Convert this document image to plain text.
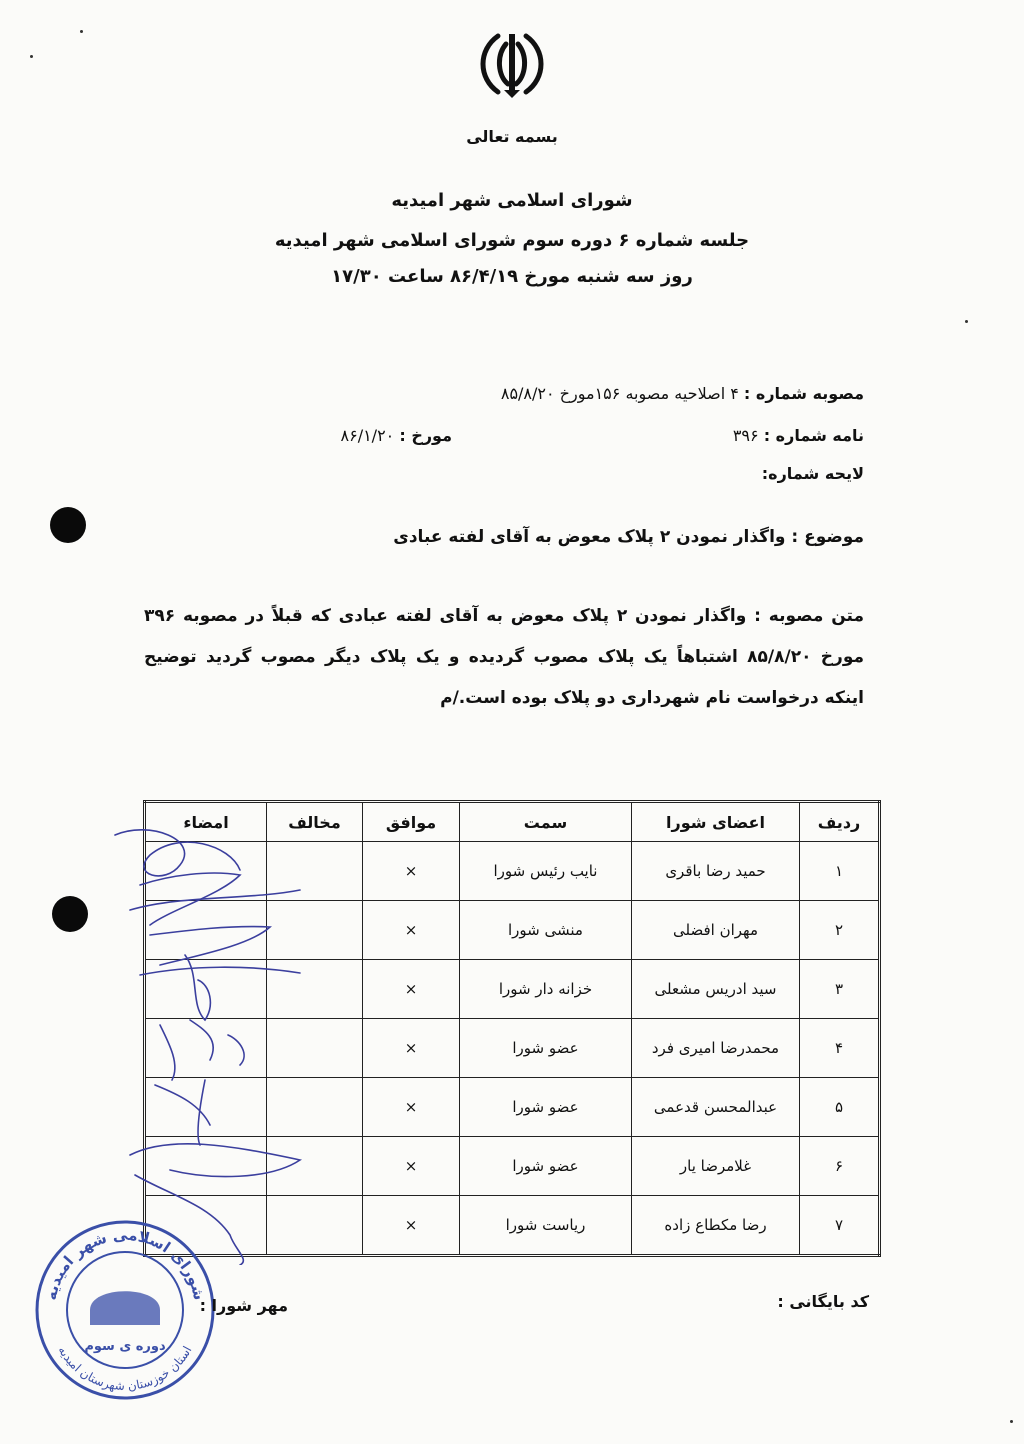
بسمه تعالی
شورای اسلامی شهر امیدیه
جلسه شماره ۶ دوره سوم شورای اسلامی شهر امیدیه
روز سه شنبه مورخ ۸۶/۴/۱۹ ساعت ۱۷/۳۰
مصوبه شماره : ۴ اصلاحیه مصوبه ۱۵۶مورخ ۸۵/۸/۲۰
نامه شماره : ۳۹۶
مورخ : ۸۶/۱/۲۰
لایحه شماره:
موضوع : واگذار نمودن ۲ پلاک معوض به آقای لفته عبادی
متن مصوبه : واگذار نمودن ۲ پلاک معوض به آقای لفته عبادی که قبلاً در مصوبه ۳۹۶ مورخ ۸۵/۸/۲۰ اشتباهاً یک پلاک مصوب گردیده و یک پلاک دیگر مصوب گردید توضیح اینکه درخواست نام شهرداری دو پلاک بوده است./م
ردیف	اعضای شورا	سمت	موافق	مخالف	امضاء
۱	حمید رضا باقری	نایب رئیس شورا	×		
۲	مهران افضلی	منشی شورا	×		
۳	سید ادریس مشعلی	خزانه دار شورا	×		
۴	محمدرضا امیری فرد	عضو شورا	×		
۵	عبدالمحسن قدعمی	عضو شورا	×		
۶	غلامرضا یار	عضو شورا	×		
۷	رضا مکطاع زاده	ریاست شورا	×		
شورای اسلامی شهر امیدیه
استان خوزستان شهرستان امیدیه
دوره ی سوم
کد بایگانی :
مهر شورا :
